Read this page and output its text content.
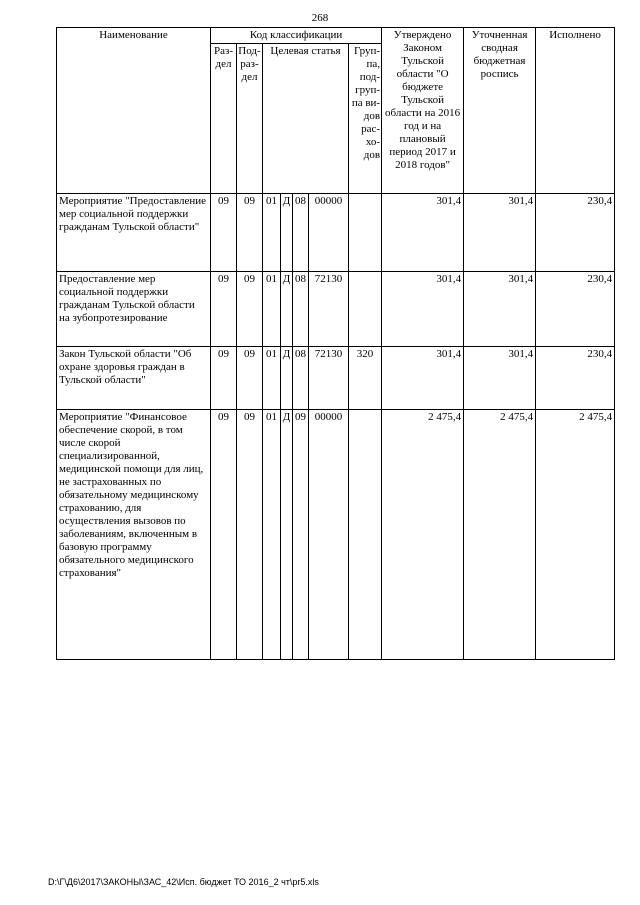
268
Наименование	Код классификации							Утверждено Законом Тульской области "О бюджете Тульской области на 2016 год и на плановый период 2017 и 2018 годов"	Уточненная сводная бюджетная роспись	Исполнено
	Раз-дел	Под-раз-дел	Целевая статья				Груп-па, под-груп-па ви-дов рас-хо-дов			
Мероприятие "Предоставление мер социальной поддержки гражданам Тульской области"	09	09	01	Д	08	00000		301,4	301,4	230,4
Предоставление мер социальной поддержки гражданам Тульской области на зубопротезирование	09	09	01	Д	08	72130		301,4	301,4	230,4
Закон Тульской области "Об охране здоровья граждан в Тульской области"	09	09	01	Д	08	72130	320	301,4	301,4	230,4
Мероприятие "Финансовое обеспечение скорой, в том числе скорой специализированной, медицинской помощи для лиц, не застрахованных по обязательному медицинскому страхованию, для осуществления вызовов по заболеваниям, включенным в базовую программу обязательного медицинского страхования"	09	09	01	Д	09	00000		2 475,4	2 475,4	2 475,4
D:\Г\Д6\2017\ЗАКОНЫ\ЗАС_42\Исп. бюджет ТО 2016_2 чт\pr5.xls
